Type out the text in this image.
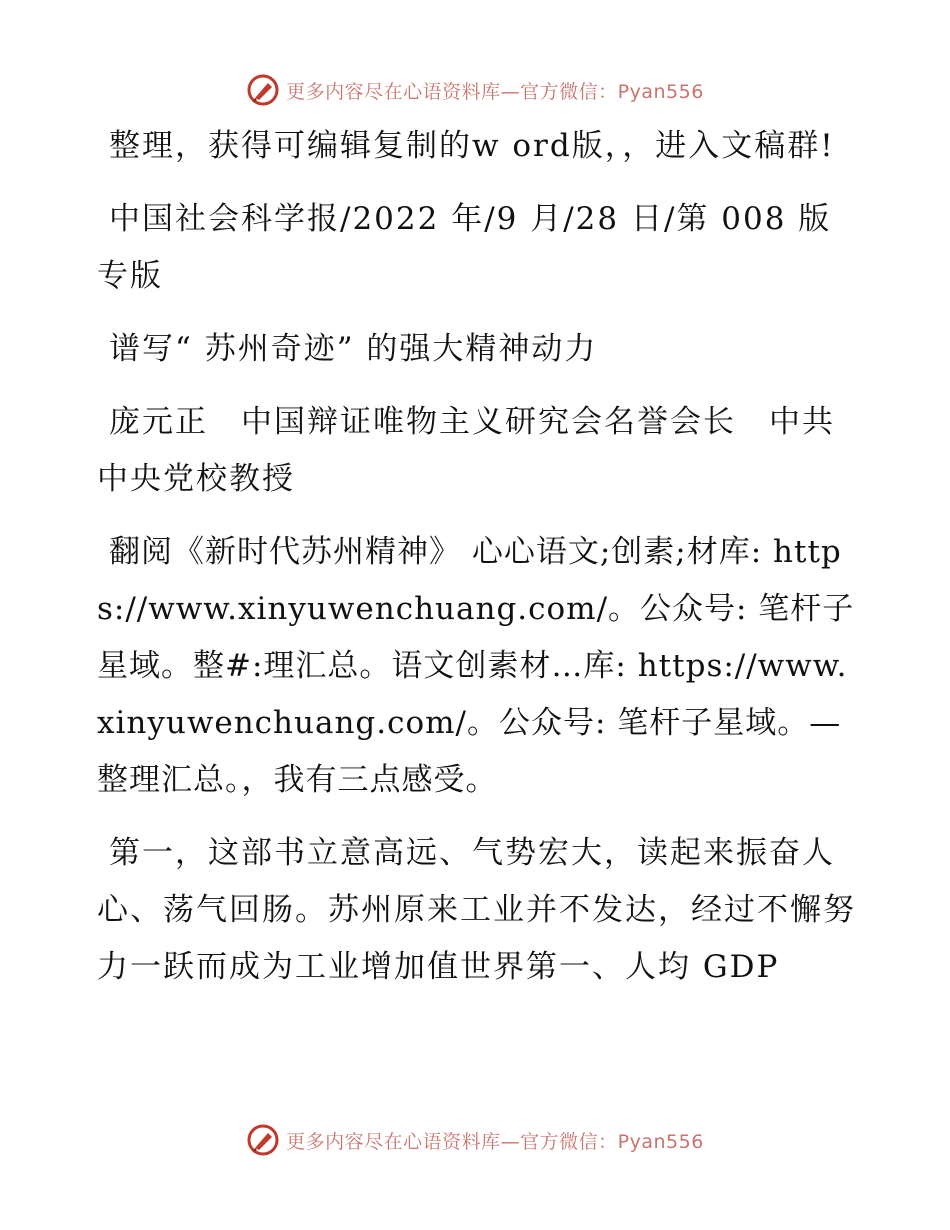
更多内容尽在心语资料库—官方微信：Pyan556

整理，获得可编辑复制的w ord版，，进入文稿群!

中国社会科学报/2022 年/9 月/28 日/第 008 版专版

谱写“ 苏州奇迹” 的强大精神动力

庞元正　中国辩证唯物主义研究会名誉会长　中共中央党校教授

翻阅《新时代苏州精神》 心心语文;创素;材库: https://www.xinyuwenchuang.com/。公众号: 笔杆子星域。整#:理汇总。语文创素材…库: https://www.xinyuwenchuang.com/。公众号: 笔杆子星域。—整理汇总。，我有三点感受。

第一，这部书立意高远、气势宏大，读起来振奋人心、荡气回肠。苏州原来工业并不发达，经过不懈努力一跃而成为工业增加值世界第一、人均 GDP

更多内容尽在心语资料库—官方微信：Pyan556
